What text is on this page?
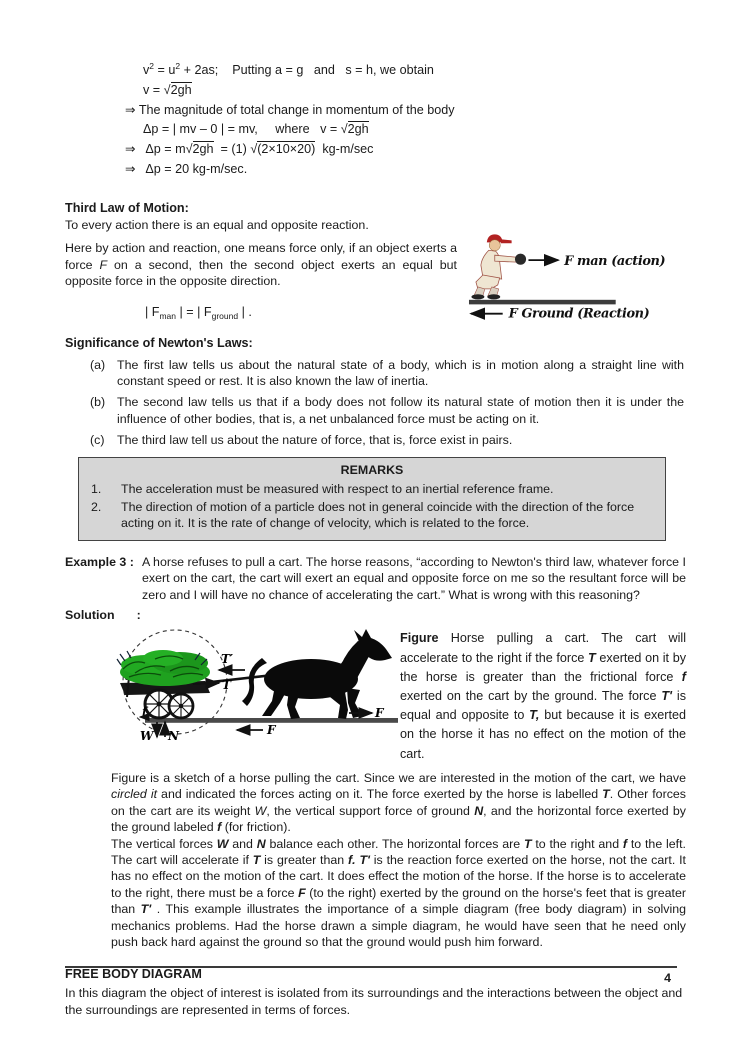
$v^2 = u^2 + 2as$;    Putting a = g   and   s = h, we obtain
v = √2gh
⇒ The magnitude of total change in momentum of the body
Δp = | mv – 0 | = mv,     where   v = √2gh
⇒   Δp = m√2gh  = (1) √(2×10×20)  kg-m/sec
⇒   Δp = 20 kg-m/sec.
Third Law of Motion:
To every action there is an equal and opposite reaction.

Here by action and reaction, one means force only, if an object exerts a force F on a second, then the second object exerts an equal but opposite force in the opposite direction.

| $F_{man}$ | = | $F_{ground}$ | .
F man (action)
F Ground (Reaction)
Significance of Newton's Laws:
(a) The first law tells us about the natural state of a body, which is in motion along a straight line with constant speed or rest. It is also known the law of inertia.
(b) The second law tells us that if a body does not follow its natural state of motion then it is under the influence of other bodies, that is, a net unbalanced force must be acting on it.
(c)	The third law tell us about the nature of force, that is, force exist in pairs.
REMARKS
1.	The acceleration must be measured with respect to an inertial reference frame.
2.	The direction of motion of a particle does not in general coincide with the direction of the force acting on it. It is the rate of change of velocity, which is related to the force.
Example 3 : A horse refuses to pull a cart. The horse reasons, “according to Newton's third law, whatever force I exert on the cart, the cart will exert an equal and opposite force on me so the resultant force will be zero and I will have no chance of accelerating the cart.” What is wrong with this reasoning?
Solution :
T
T′
f
W N	F
F

Figure Horse pulling a cart. The cart will accelerate to the right if the force T exerted on it by the horse is greater than the frictional force f exerted on the cart by the ground. The force T' is equal and opposite to T, but because it is exerted on the horse it has no effect on the motion of the cart.

Figure is a sketch of a horse pulling the cart. Since we are interested in the motion of the cart, we have circled it and indicated the forces acting on it. The force exerted by the horse is labelled T. Other forces on the cart are its weight W, the vertical support force of ground N, and the horizontal force exerted by the ground labeled f (for friction).

The vertical forces W and N balance each other. The horizontal forces are T to the right and f to the left. The cart will accelerate if T is greater than f. T' is the reaction force exerted on the horse, not the cart. It has no effect on the motion of the cart. It does effect the motion of the horse. If the horse is to accelerate to the right, there must be a force F (to the right) exerted by the ground on the horse's feet that is greater than T' . This example illustrates the importance of a simple diagram (free body diagram) in solving mechanics problems. Had the horse drawn a simple diagram, he would have seen that he need only push back hard against the ground so that the ground would push him forward.

FREE BODY DIAGRAM

In this diagram the object of interest is isolated from its surroundings and the interactions between the object and the surroundings are represented in terms of forces.

4
